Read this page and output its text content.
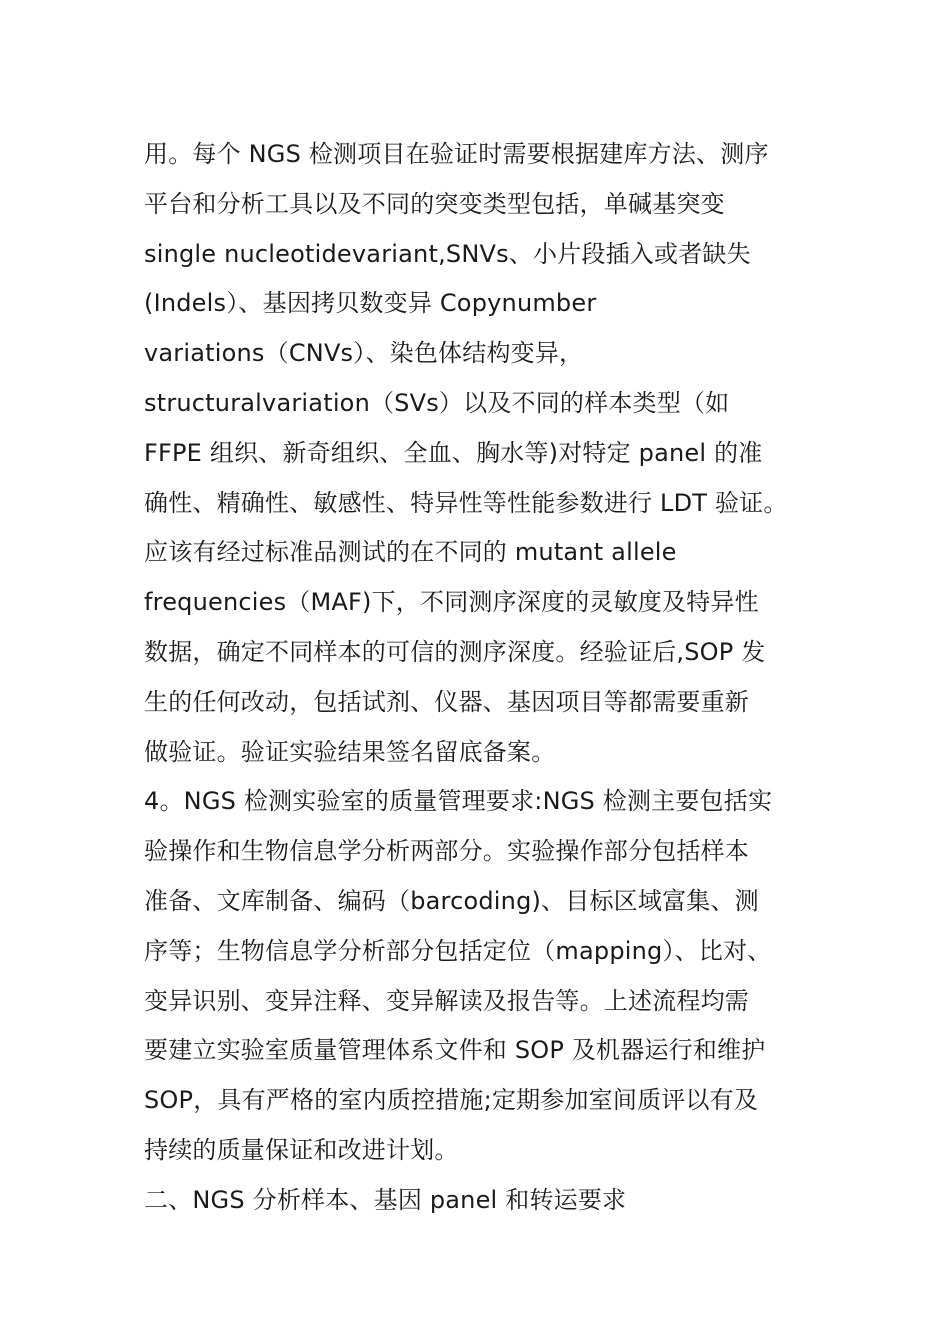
用。每个 NGS 检测项目在验证时需要根据建库方法、测序
平台和分析工具以及不同的突变类型包括，单碱基突变
single nucleotidevariant,SNVs、小片段插入或者缺失
(Indels）、基因拷贝数变异 Copynumber
variations（CNVs）、染色体结构变异，
structuralvariation（SVs）以及不同的样本类型（如
FFPE 组织、新奇组织、全血、胸水等)对特定 panel 的准
确性、精确性、敏感性、特异性等性能参数进行 LDT 验证。
应该有经过标准品测试的在不同的 mutant allele
frequencies（MAF)下，不同测序深度的灵敏度及特异性
数据，确定不同样本的可信的测序深度。经验证后,SOP 发
生的任何改动，包括试剂、仪器、基因项目等都需要重新
做验证。验证实验结果签名留底备案。
4。NGS 检测实验室的质量管理要求:NGS 检测主要包括实
验操作和生物信息学分析两部分。实验操作部分包括样本
准备、文库制备、编码（barcoding)、目标区域富集、测
序等；生物信息学分析部分包括定位（mapping）、比对、
变异识别、变异注释、变异解读及报告等。上述流程均需
要建立实验室质量管理体系文件和 SOP 及机器运行和维护
SOP，具有严格的室内质控措施;定期参加室间质评以有及
持续的质量保证和改进计划。
二、NGS 分析样本、基因 panel 和转运要求
